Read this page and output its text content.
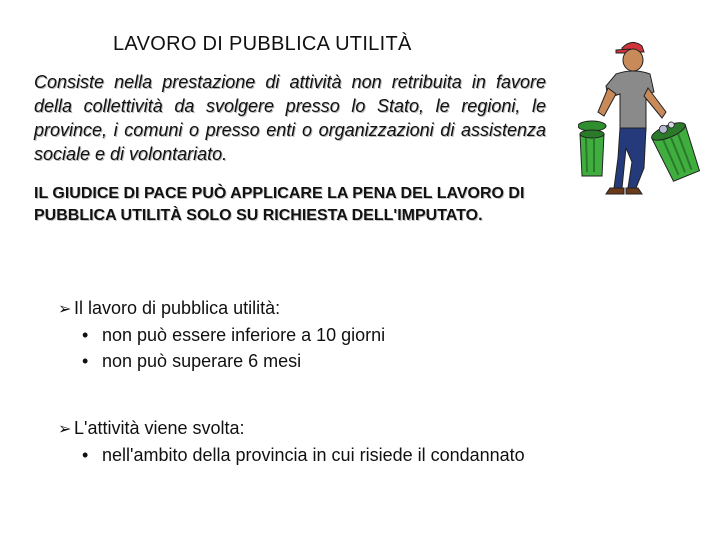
LAVORO DI PUBBLICA UTILITÀ
Consiste nella prestazione di attività non retribuita in favore della collettività da svolgere presso lo Stato, le regioni, le province, i comuni o presso enti o organizzazioni di assistenza sociale e di volontariato.
IL GIUDICE DI PACE PUÒ APPLICARE LA PENA DEL LAVORO DI PUBBLICA UTILITÀ SOLO SU RICHIESTA DELL'IMPUTATO.
➢ Il lavoro di pubblica utilità:
• non può essere inferiore a 10 giorni
• non può superare 6 mesi
➢ L'attività viene svolta:
• nell'ambito della provincia in cui risiede il condannato
